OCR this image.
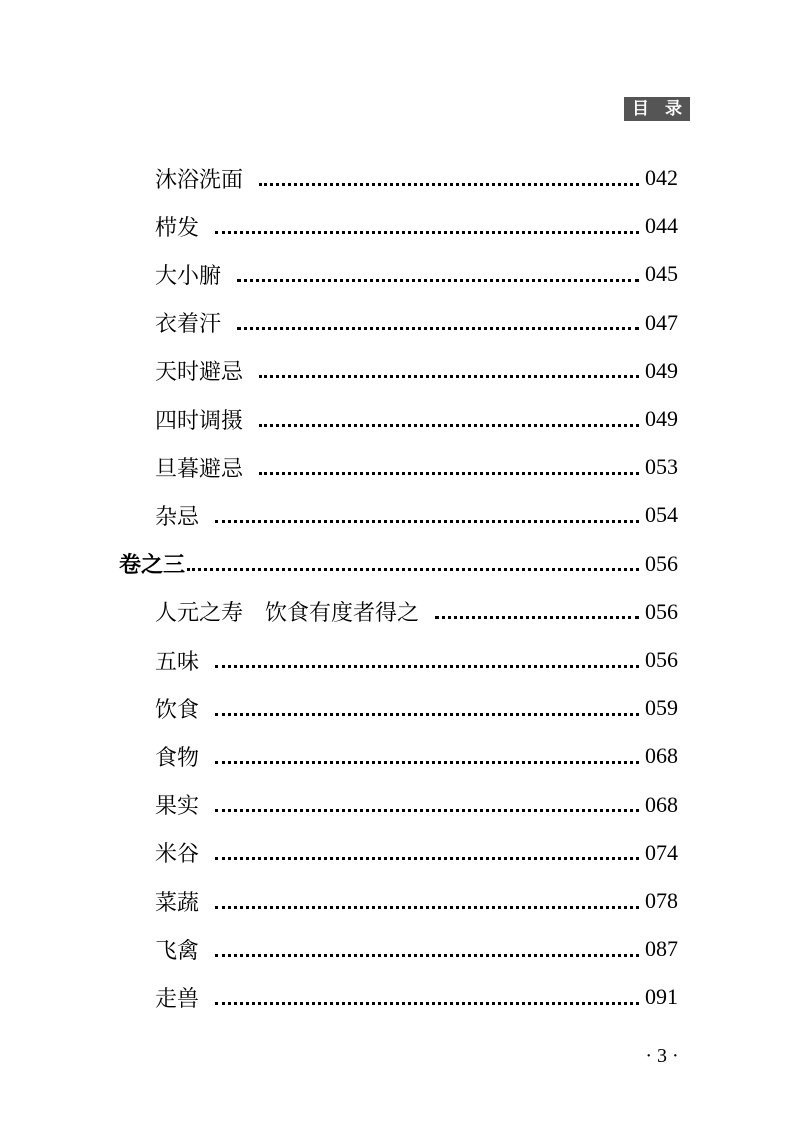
目 录
沐浴洗面	042
栉发	044
大小腑	045
衣着汗	047
天时避忌	049
四时调摄	049
旦暮避忌	053
杂忌	054
卷之三	056
人元之寿　饮食有度者得之	056
五味	056
饮食	059
食物	068
果实	068
米谷	074
菜蔬	078
飞禽	087
走兽	091
· 3 ·
